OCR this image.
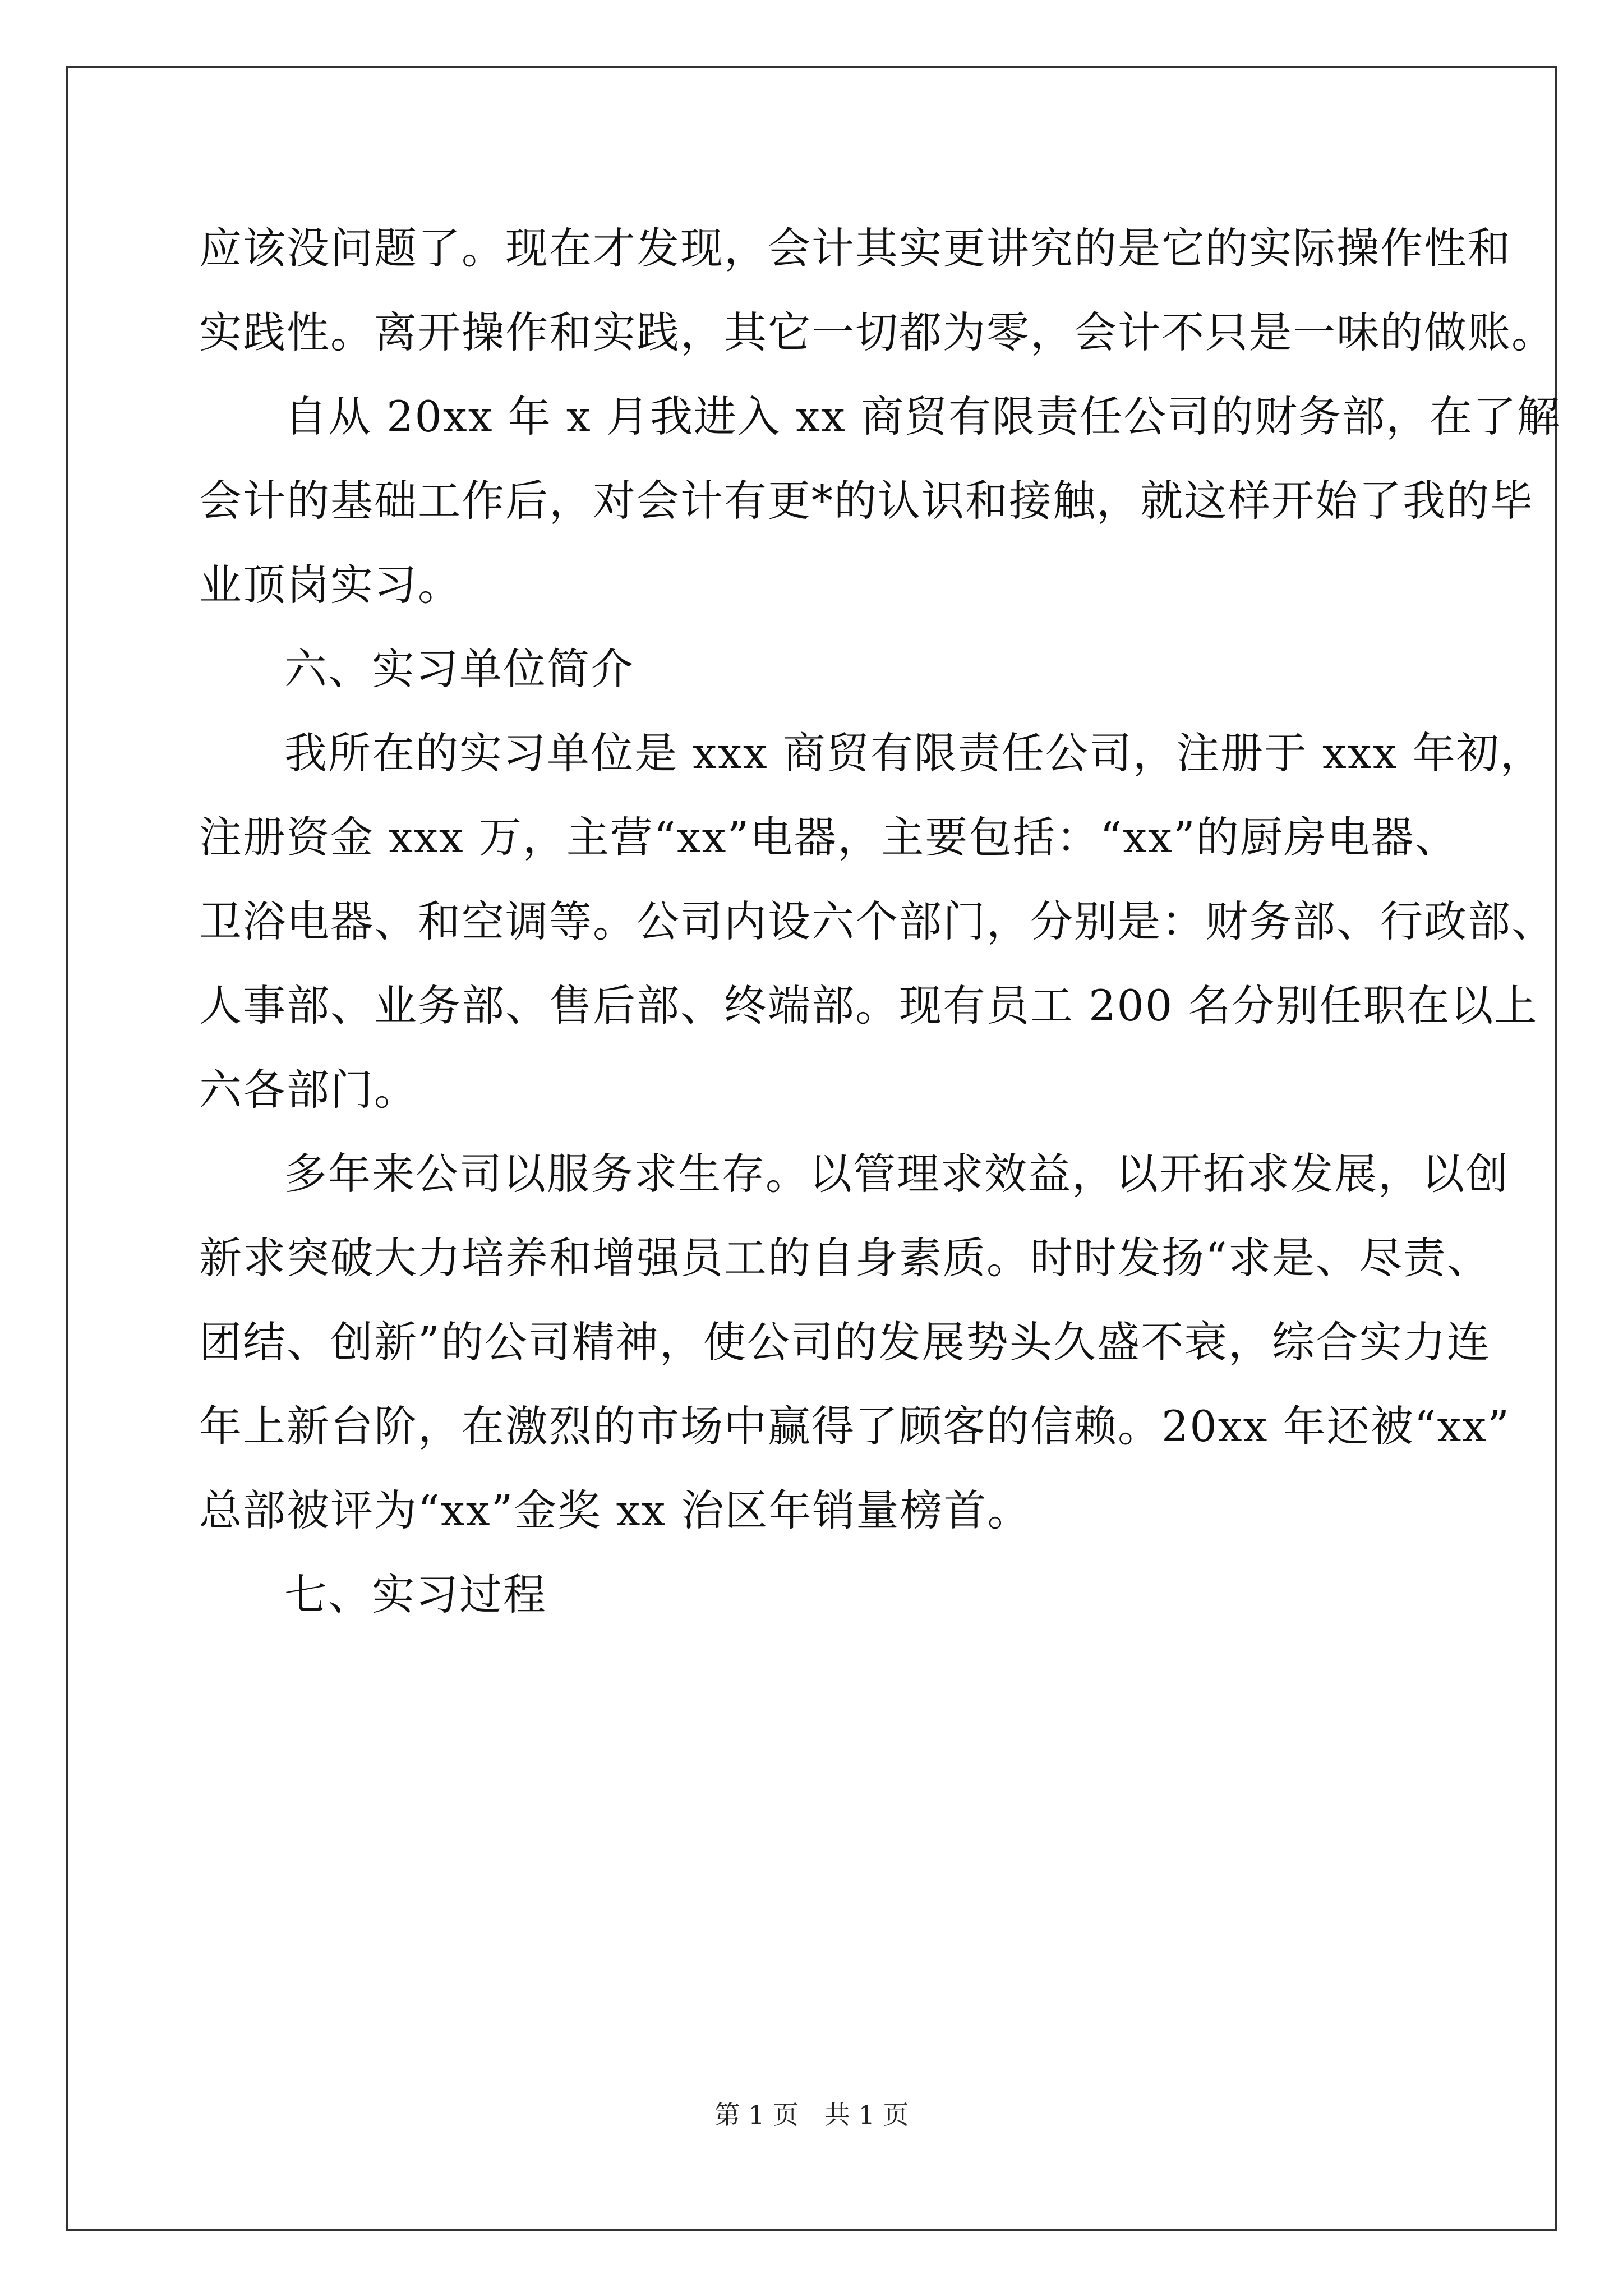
应该没问题了。现在才发现，会计其实更讲究的是它的实际操作性和
实践性。离开操作和实践，其它一切都为零，会计不只是一味的做账。
自从 20xx 年 x 月我进入 xx 商贸有限责任公司的财务部，在了解
会计的基础工作后，对会计有更*的认识和接触，就这样开始了我的毕
业顶岗实习。
六、实习单位简介
我所在的实习单位是 xxx 商贸有限责任公司，注册于 xxx 年初，
注册资金 xxx 万，主营“xx”电器，主要包括：“xx”的厨房电器、
卫浴电器、和空调等。公司内设六个部门，分别是：财务部、行政部、
人事部、业务部、售后部、终端部。现有员工 200 名分别任职在以上
六各部门。
多年来公司以服务求生存。以管理求效益，以开拓求发展，以创
新求突破大力培养和增强员工的自身素质。时时发扬“求是、尽责、
团结、创新”的公司精神，使公司的发展势头久盛不衰，综合实力连
年上新台阶，在激烈的市场中赢得了顾客的信赖。20xx 年还被“xx”
总部被评为“xx”金奖 xx 治区年销量榜首。
七、实习过程
第 1 页　共 1 页
